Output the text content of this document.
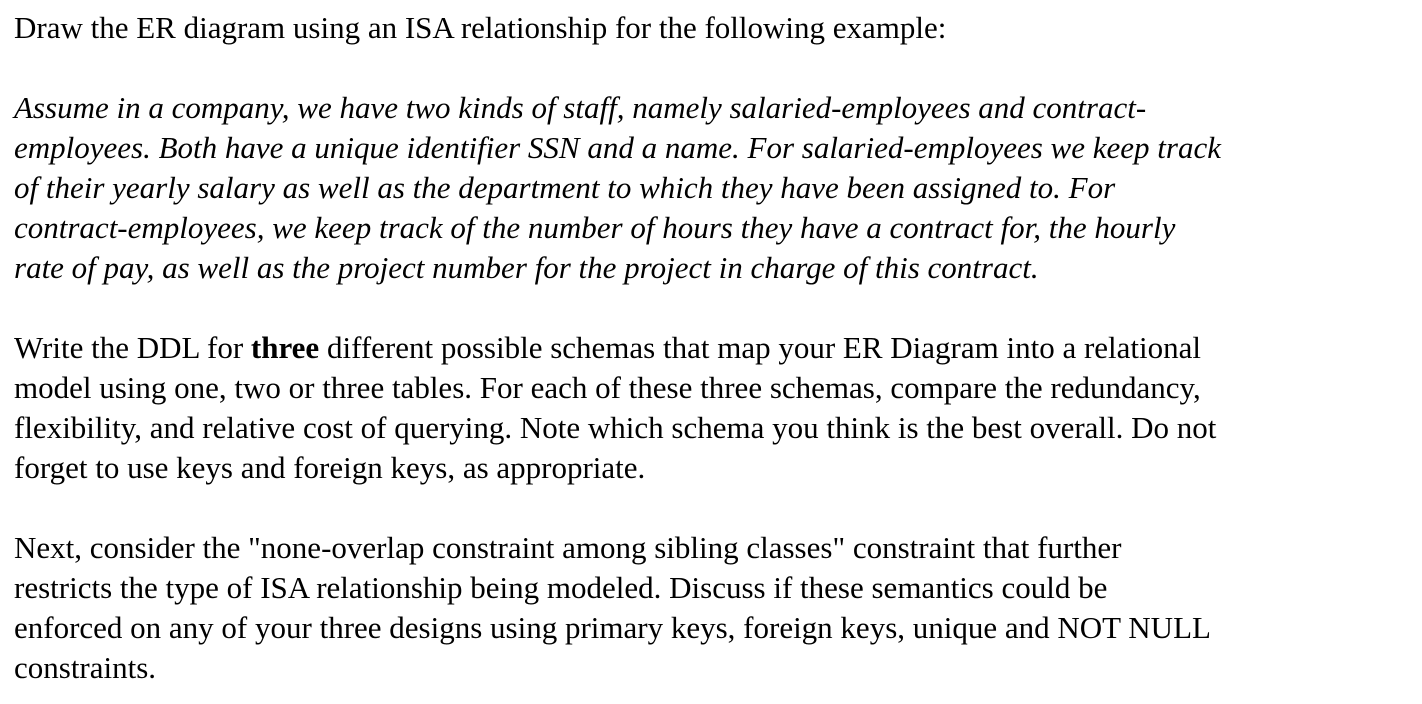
Draw the ER diagram using an ISA relationship for the following example:
Assume in a company, we have two kinds of staff, namely salaried-employees and contract-
employees. Both have a unique identifier SSN and a name. For salaried-employees we keep track
of their yearly salary as well as the department to which they have been assigned to. For
contract-employees, we keep track of the number of hours they have a contract for, the hourly
rate of pay, as well as the project number for the project in charge of this contract.
Write the DDL for three different possible schemas that map your ER Diagram into a relational
model using one, two or three tables. For each of these three schemas, compare the redundancy,
flexibility, and relative cost of querying. Note which schema you think is the best overall. Do not
forget to use keys and foreign keys, as appropriate.
Next, consider the "none-overlap constraint among sibling classes" constraint that further
restricts the type of ISA relationship being modeled. Discuss if these semantics could be
enforced on any of your three designs using primary keys, foreign keys, unique and NOT NULL
constraints.
